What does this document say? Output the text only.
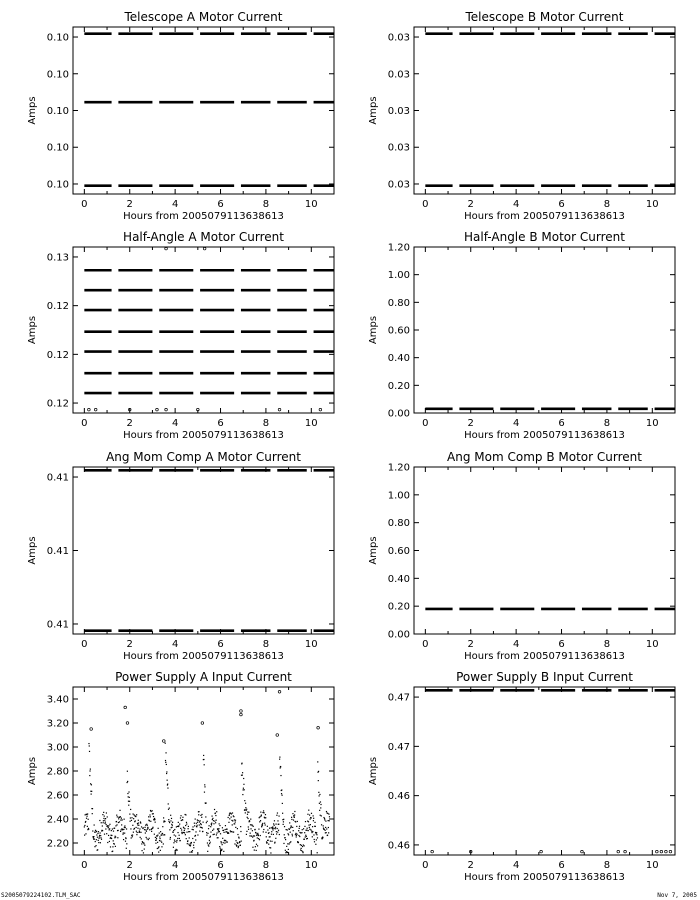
0	2	4	6	8	10
0.10
0.10
0.10
0.10
0.10
Telescope A Motor Current
Hours from 2005079113638613
Amps
0	2	4	6	8	10
0.03
0.03
0.03
0.03
0.03
Telescope B Motor Current
Hours from 2005079113638613
Amps
0	2	4	6	8	10
0.12
0.12
0.12
0.13
Half-Angle A Motor Current
Hours from 2005079113638613
Amps
0	2	4	6	8	10
0.00
0.20
0.40
0.60
0.80
1.00
1.20
Half-Angle B Motor Current
Hours from 2005079113638613
Amps
0	2	4	6	8	10
0.41
0.41
0.41
Ang Mom Comp A Motor Current
Hours from 2005079113638613
Amps
0	2	4	6	8	10
0.00
0.20
0.40
0.60
0.80
1.00
1.20
Ang Mom Comp B Motor Current
Hours from 2005079113638613
Amps
0	2	4	6	8	10
2.20
2.40
2.60
2.80
3.00
3.20
3.40
Power Supply A Input Current
Hours from 2005079113638613
Amps
0	2	4	6	8	10
0.46
0.46
0.47
0.47
Power Supply B Input Current
Hours from 2005079113638613
Amps
S2005079224102.TLM_SAC	Nov 7, 2005
